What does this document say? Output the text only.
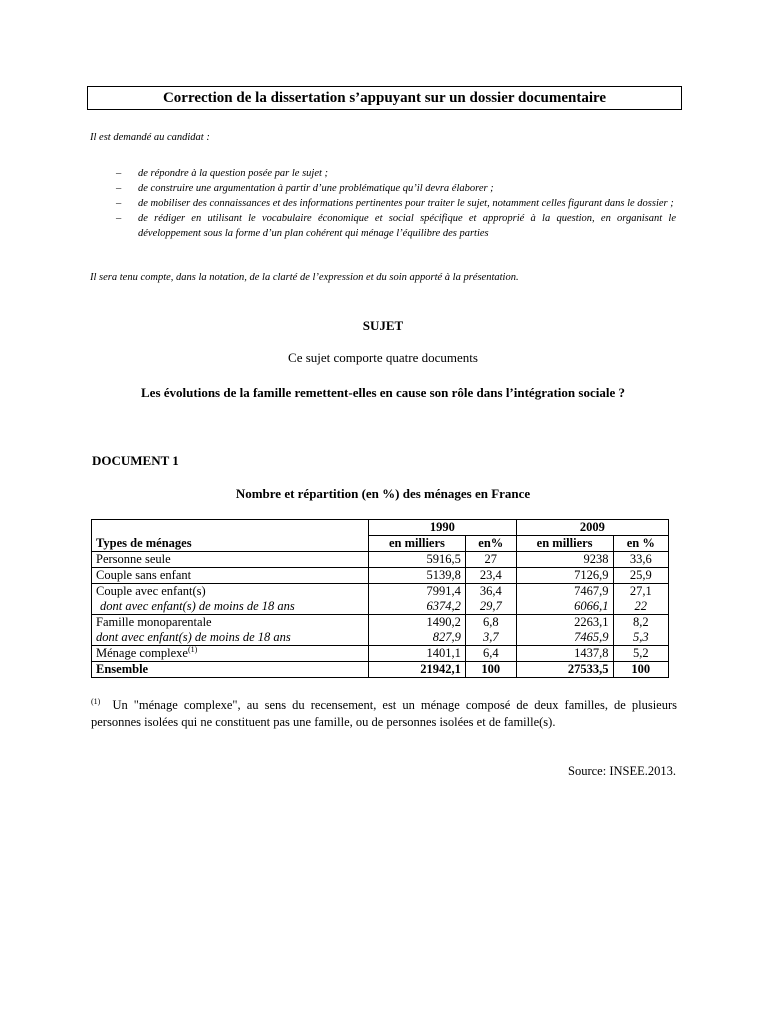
Correction de la dissertation s’appuyant sur un dossier documentaire
Il est demandé au candidat :
– de répondre à la question posée par le sujet ;
– de construire une argumentation à partir d’une problématique qu’il devra élaborer ;
– de mobiliser des connaissances et des informations pertinentes pour traiter le sujet, notamment celles figurant dans le dossier ;
– de rédiger en utilisant le vocabulaire économique et social spécifique et approprié à la question, en organisant le développement sous la forme d’un plan cohérent qui ménage l’équilibre des parties
Il sera tenu compte, dans la notation, de la clarté de l’expression et du soin apporté à la présentation.
SUJET
Ce sujet comporte quatre documents
Les évolutions de la famille remettent-elles en cause son rôle dans l’intégration sociale ?
DOCUMENT 1
Nombre et répartition (en %) des ménages en France
	1990		2009	
Types de ménages	en milliers	en%	en milliers	en %
Personne seule	5916,5	27	9238	33,6
Couple sans enfant	5139,8	23,4	7126,9	25,9
Couple avec enfant(s)	7991,4	36,4	7467,9	27,1
dont avec enfant(s) de moins de 18 ans	6374,2	29,7	6066,1	22
Famille monoparentale	1490,2	6,8	2263,1	8,2
dont avec enfant(s) de moins de 18 ans	827,9	3,7	7465,9	5,3
Ménage complexe$^{(1)}$	1401,1	6,4	1437,8	5,2
Ensemble	21942,1	100	27533,5	100
$^{(1)}$ Un "ménage complexe", au sens du recensement, est un ménage composé de deux familles, de plusieurs personnes isolées qui ne constituent pas une famille, ou de personnes isolées et de famille(s).
Source: INSEE.2013.
